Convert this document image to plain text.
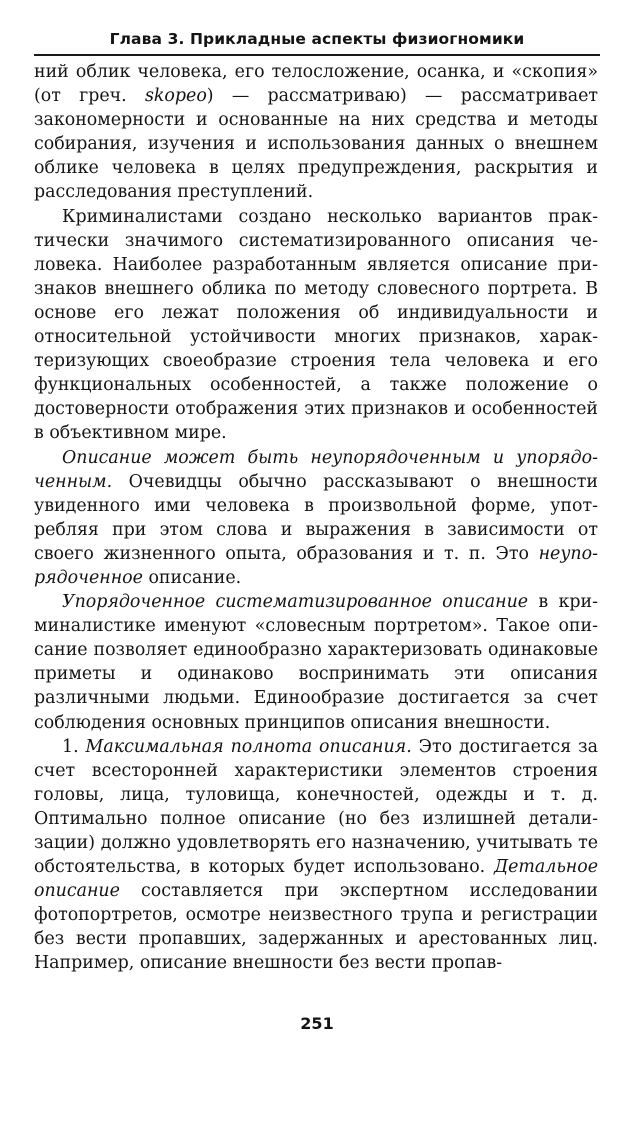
Глава 3. Прикладные аспекты физиогномики

ний облик человека, его телосложение, осанка, и «скопия» (от греч. skopeo) — рассматриваю) — рассматривает закономерности и основанные на них средства и методы собирания, изучения и использования данных о внешнем облике человека в целях предупреждения, раскрытия и расследования преступлений.

Криминалистами создано несколько вариантов практически значимого систематизированного описания человека. Наиболее разработанным является описание признаков внешнего облика по методу словесного портрета. В основе его лежат положения об индивидуальности и относительной устойчивости многих признаков, характеризующих своеобразие строения тела человека и его функциональных особенностей, а также положение о достоверности отображения этих признаков и особенностей в объективном мире.

Описание может быть неупорядоченным и упорядоченным. Очевидцы обычно рассказывают о внешности увиденного ими человека в произвольной форме, употребляя при этом слова и выражения в зависимости от своего жизненного опыта, образования и т. п. Это неупорядоченное описание.

Упорядоченное систематизированное описание в криминалистике именуют «словесным портретом». Такое описание позволяет единообразно характеризовать одинаковые приметы и одинаково воспринимать эти описания различными людьми. Единообразие достигается за счет соблюдения основных принципов описания внешности.

1. Максимальная полнота описания. Это достигается за счет всесторонней характеристики элементов строения головы, лица, туловища, конечностей, одежды и т. д. Оптимально полное описание (но без излишней детализации) должно удовлетворять его назначению, учитывать те обстоятельства, в которых будет использовано. Детальное описание составляется при экспертном исследовании фотопортретов, осмотре неизвестного трупа и регистрации без вести пропавших, задержанных и арестованных лиц. Например, описание внешности без вести пропав-

251
